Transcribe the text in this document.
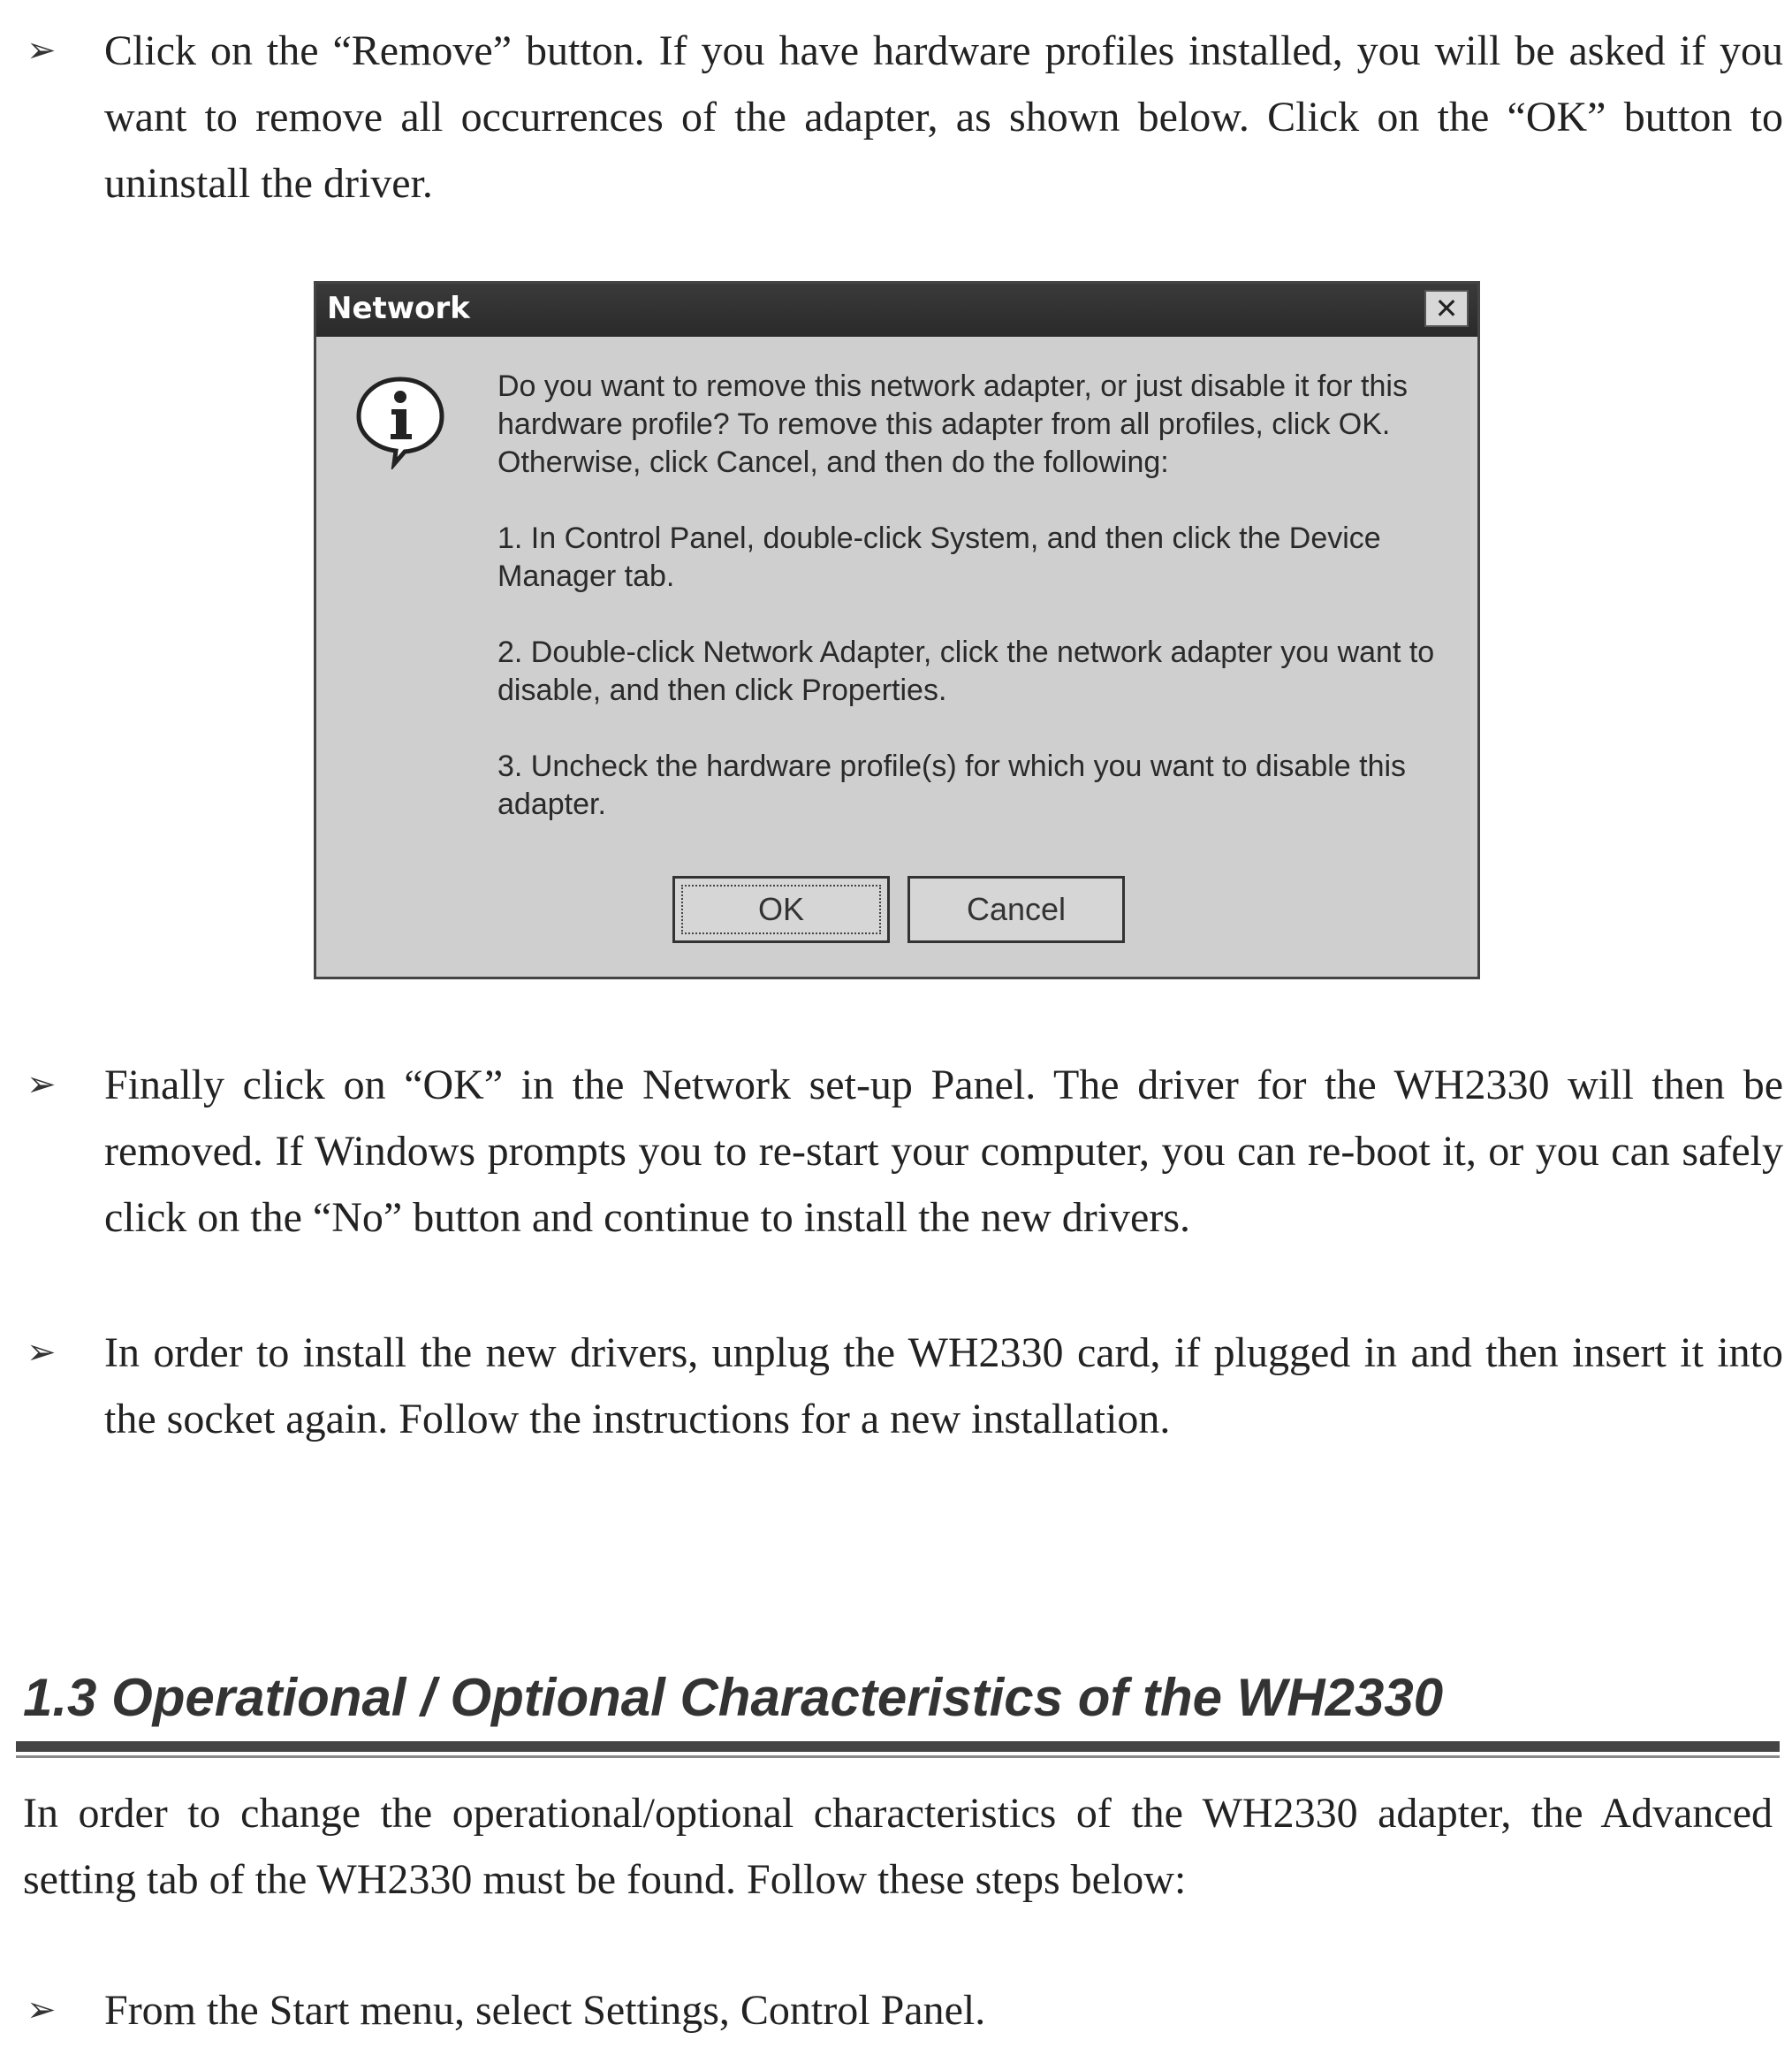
➢ Click on the “Remove” button. If you have hardware profiles installed, you will be asked if you want to remove all occurrences of the adapter, as shown below. Click on the “OK” button to uninstall the driver.
Network	✕

Do you want to remove this network adapter, or just disable it for this hardware profile? To remove this adapter from all profiles, click OK. Otherwise, click Cancel, and then do the following:

1. In Control Panel, double-click System, and then click the Device Manager tab.

2. Double-click Network Adapter, click the network adapter you want to disable, and then click Properties.

3. Uncheck the hardware profile(s) for which you want to disable this adapter.

OK	Cancel
➢ Finally click on “OK” in the Network set-up Panel. The driver for the WH2330 will then be removed. If Windows prompts you to re-start your computer, you can re-boot it, or you can safely click on the “No” button and continue to install the new drivers.
➢ In order to install the new drivers, unplug the WH2330 card, if plugged in and then insert it into the socket again. Follow the instructions for a new installation.
1.3 Operational / Optional Characteristics of the WH2330
In order to change the operational/optional characteristics of the WH2330 adapter, the Advanced setting tab of the WH2330 must be found. Follow these steps below:
➢ From the Start menu, select Settings, Control Panel.
